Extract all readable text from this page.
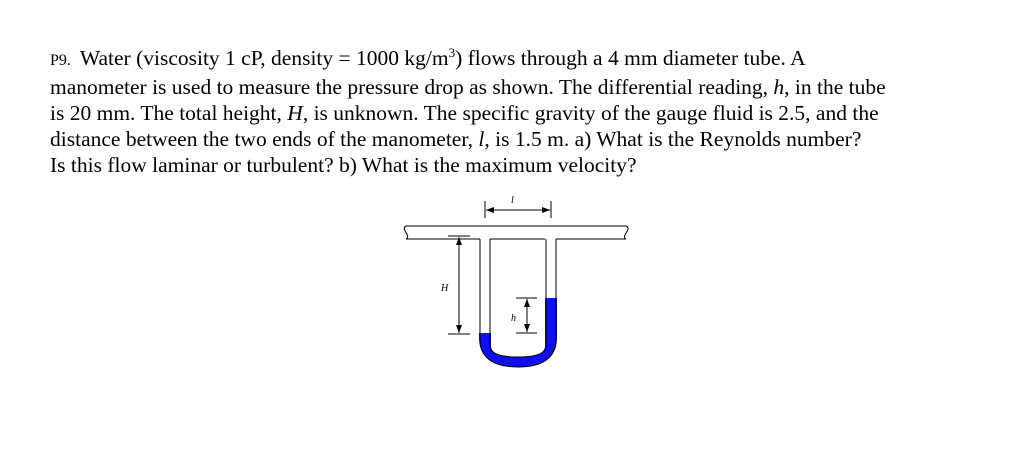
P9. Water (viscosity 1 cP, density = 1000 $kg/m^3$) flows through a 4 mm diameter tube. A
manometer is used to measure the pressure drop as shown. The differential reading, h, in the tube
is 20 mm. The total height, H, is unknown. The specific gravity of the gauge fluid is 2.5, and the
distance between the two ends of the manometer, l, is 1.5 m. a) What is the Reynolds number?
Is this flow laminar or turbulent? b) What is the maximum velocity?

l
H
h
